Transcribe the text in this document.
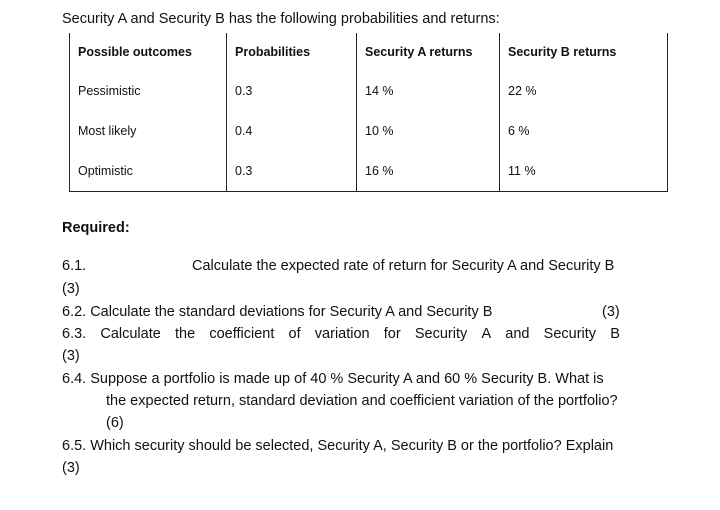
Security A and Security B has the following probabilities and returns:
Possible outcomes	Probabilities	Security A returns	Security B returns
Pessimistic	0.3	14 %	22 %
Most likely	0.4	10 %	6 %
Optimistic	0.3	16 %	11 %
Required:
6.1.	Calculate the expected rate of return for Security A and Security B
(3)
6.2. Calculate the standard deviations for Security A and Security B	(3)
6.3. Calculate the coefficient of variation for Security A and Security B
(3)
6.4. Suppose a portfolio is made up of 40 % Security A and 60 % Security B. What is
the expected return, standard deviation and coefficient variation of the portfolio?
(6)
6.5. Which security should be selected, Security A, Security B or the portfolio? Explain
(3)
